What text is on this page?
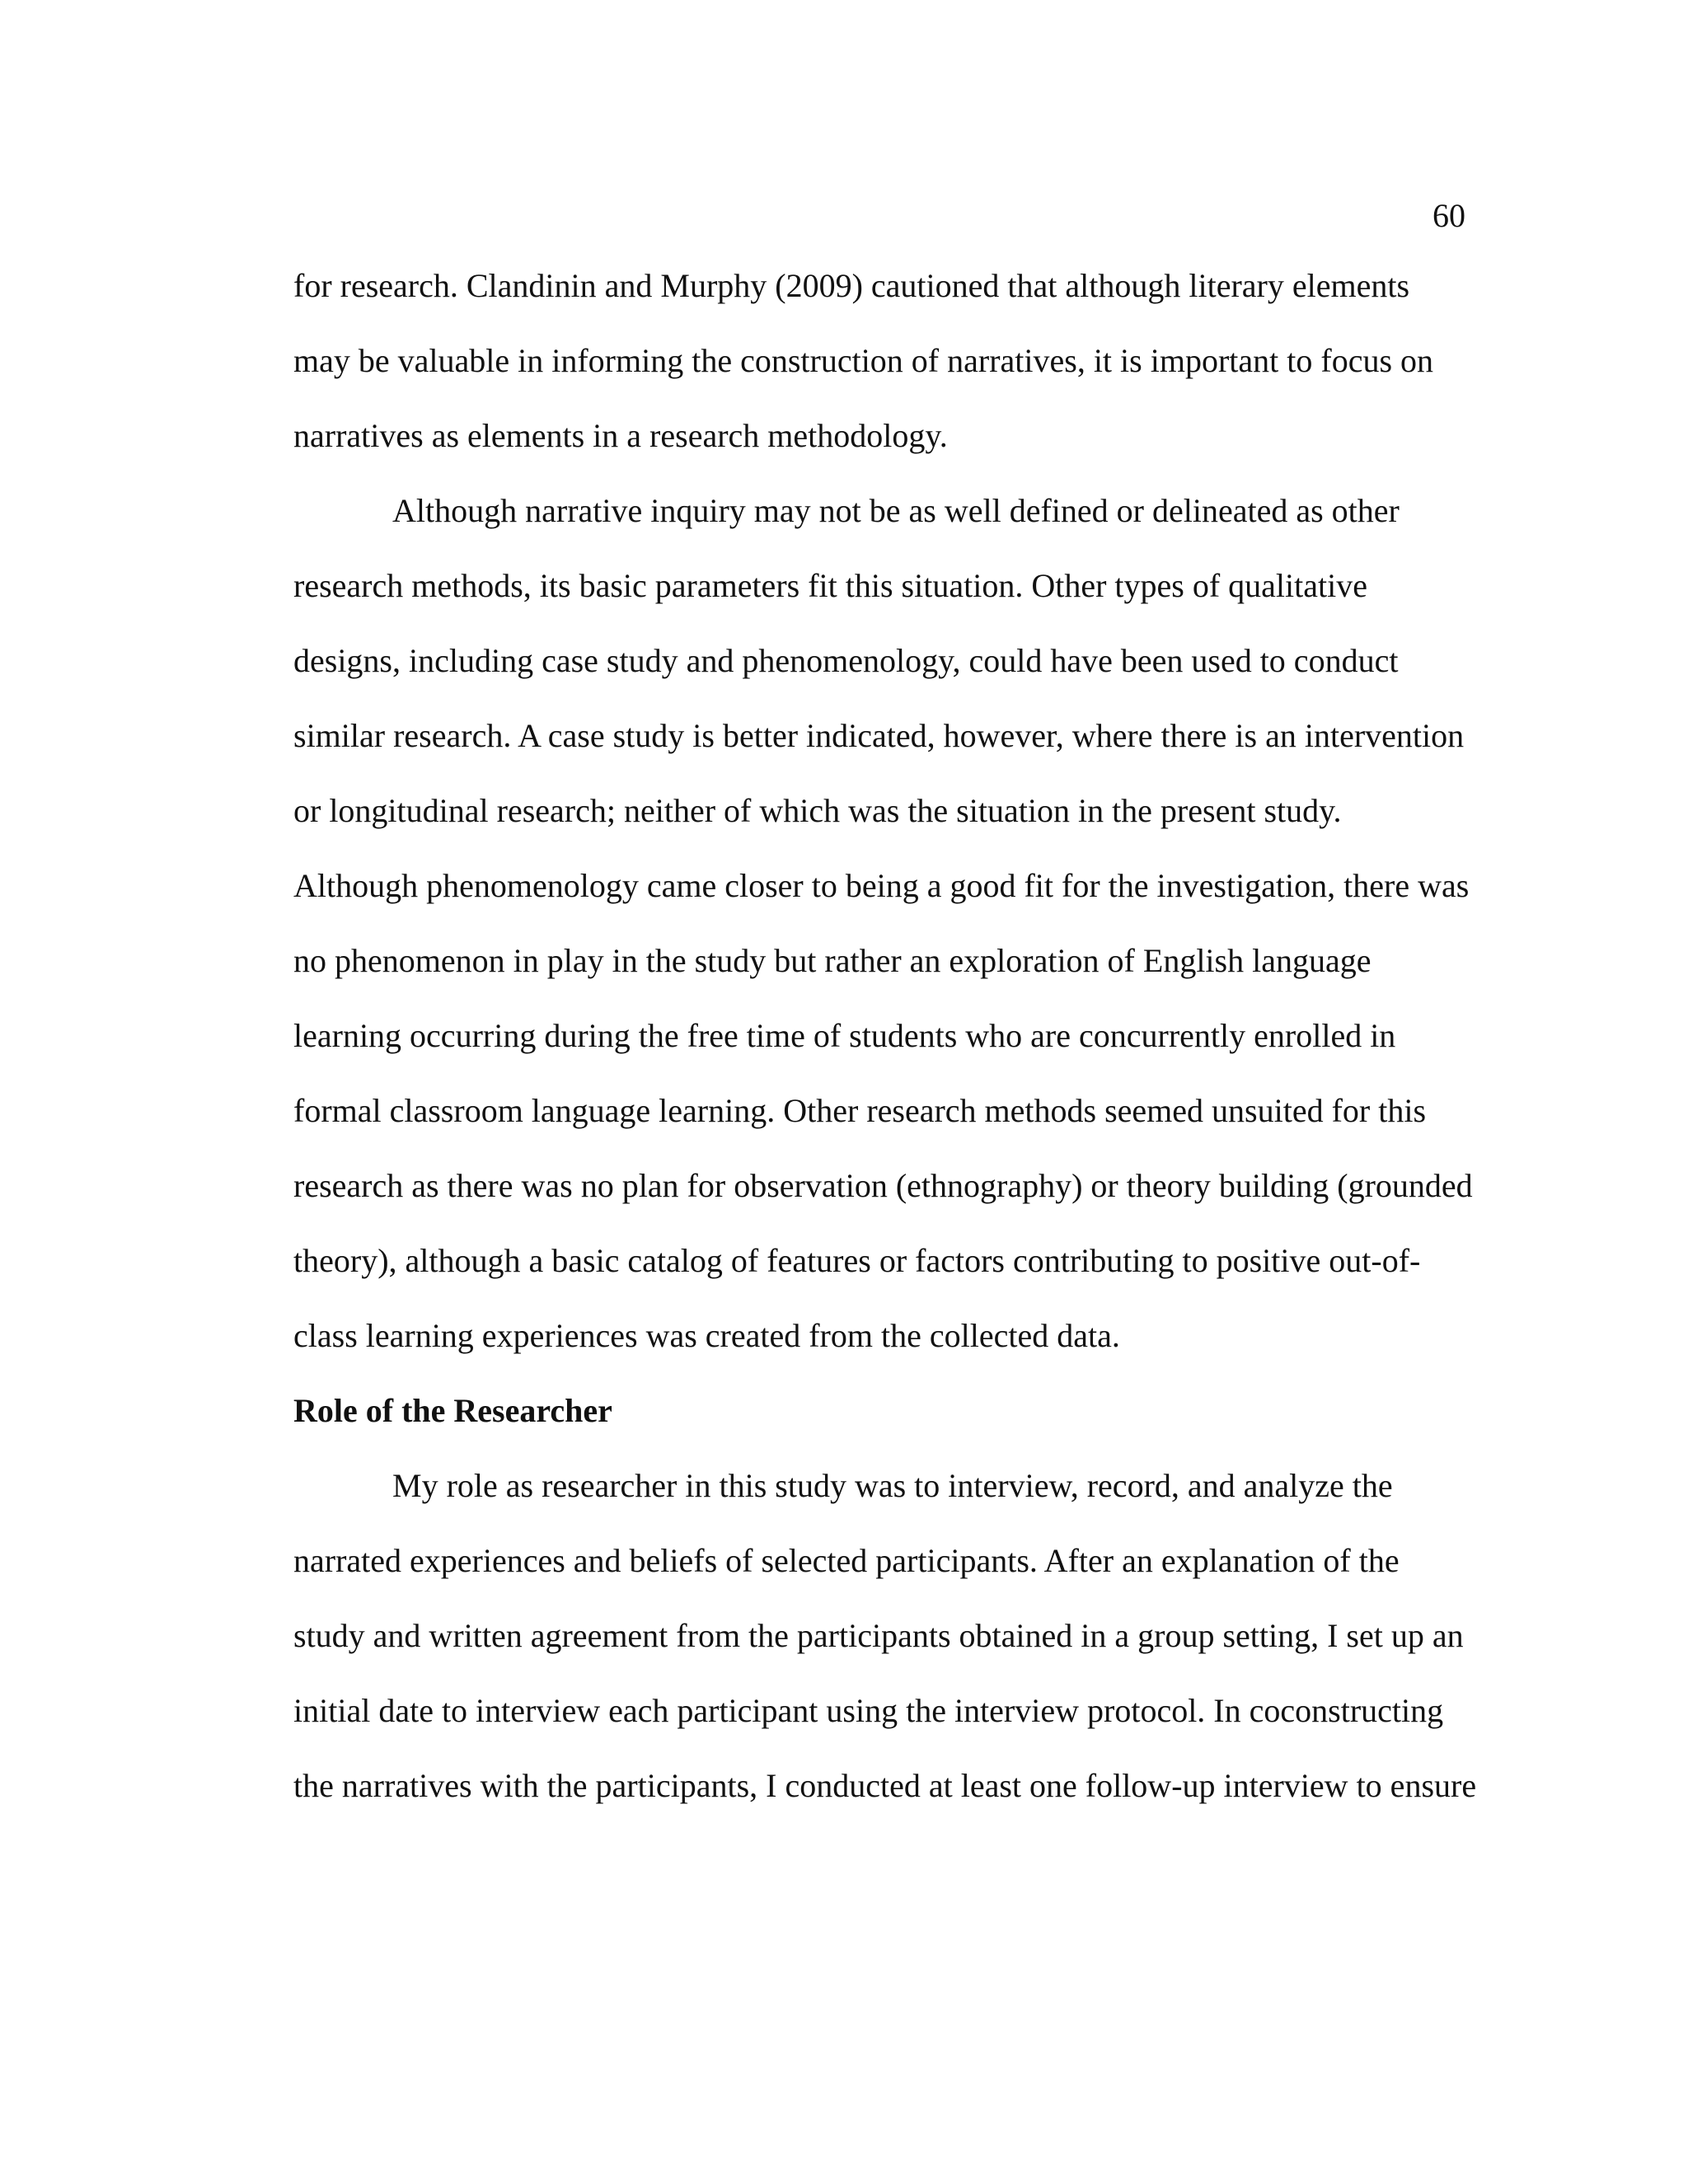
60
for research. Clandinin and Murphy (2009) cautioned that although literary elements
may be valuable in informing the construction of narratives, it is important to focus on
narratives as elements in a research methodology.
Although narrative inquiry may not be as well defined or delineated as other
research methods, its basic parameters fit this situation. Other types of qualitative
designs, including case study and phenomenology, could have been used to conduct
similar research. A case study is better indicated, however, where there is an intervention
or longitudinal research; neither of which was the situation in the present study.
Although phenomenology came closer to being a good fit for the investigation, there was
no phenomenon in play in the study but rather an exploration of English language
learning occurring during the free time of students who are concurrently enrolled in
formal classroom language learning. Other research methods seemed unsuited for this
research as there was no plan for observation (ethnography) or theory building (grounded
theory), although a basic catalog of features or factors contributing to positive out-of-
class learning experiences was created from the collected data.
Role of the Researcher
My role as researcher in this study was to interview, record, and analyze the
narrated experiences and beliefs of selected participants. After an explanation of the
study and written agreement from the participants obtained in a group setting, I set up an
initial date to interview each participant using the interview protocol. In coconstructing
the narratives with the participants, I conducted at least one follow-up interview to ensure
